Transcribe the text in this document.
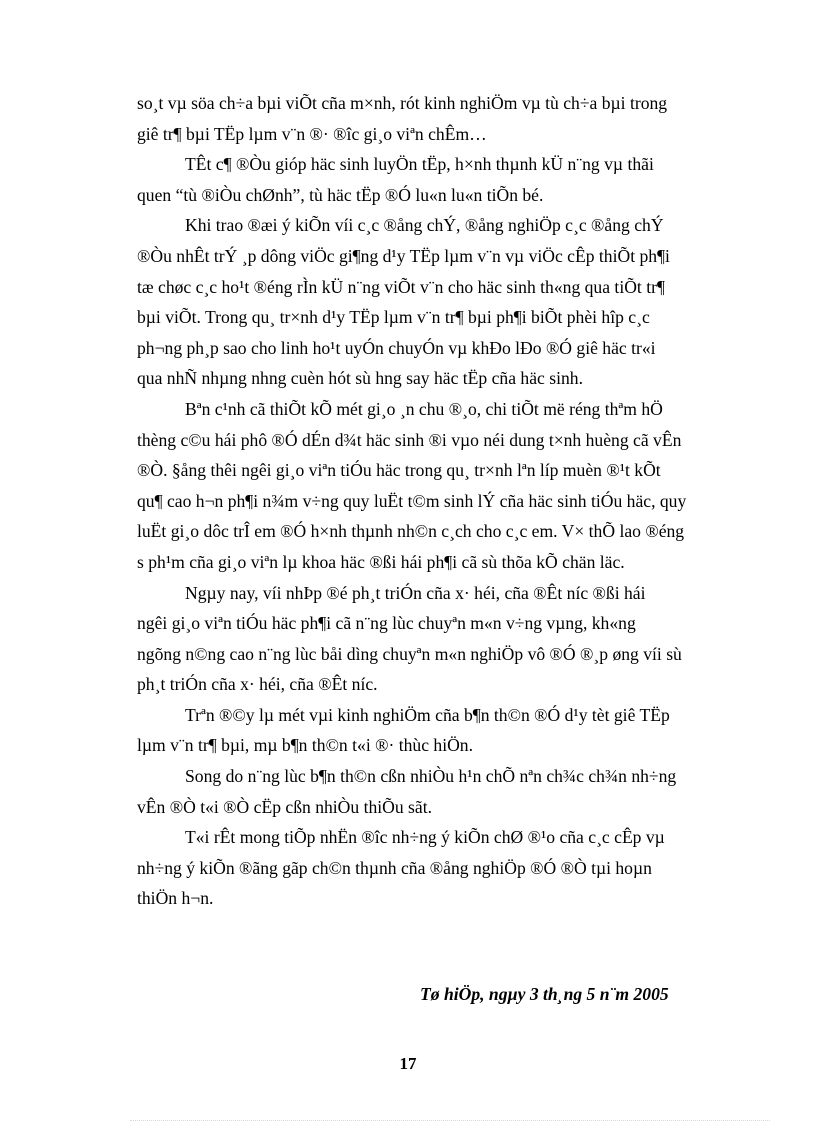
so¸t vµ söa ch÷a bµi viÕt cña m×nh, rót kinh nghiÖm vµ tù ch÷a bµi trong
giê tr¶ bµi TËp lµm v¨n ®· ®îc gi¸o viªn chÊm…

TÊt c¶ ®Òu gióp häc sinh luyÖn tËp, h×nh thµnh kÜ n¨ng vµ thãi
quen “tù ®iÒu chØnh”, tù häc tËp ®Ó lu«n lu«n tiÕn bé.

Khi trao ®æi ý kiÕn víi c¸c ®ång chÝ, ®ång nghiÖp c¸c ®ång chÝ
®Òu nhÊt trÝ ¸p dông viÖc gi¶ng d¹y TËp lµm v¨n vµ viÖc cÊp thiÕt ph¶i
tæ chøc c¸c ho¹t ®éng rÌn kÜ n¨ng viÕt v¨n cho häc sinh th«ng qua tiÕt tr¶
bµi viÕt. Trong qu¸ tr×nh d¹y TËp lµm v¨n tr¶ bµi ph¶i biÕt phèi hîp c¸c
ph¬ng ph¸p sao cho linh ho¹t uyÓn chuyÓn vµ khÐo lÐo ®Ó giê häc tr«i
qua nhÑ nhµng nhng cuèn hót sù hng say häc tËp cña häc sinh.

Bªn c¹nh cã thiÕt kÕ mét gi¸o ¸n chu ®¸o, chi tiÕt më réng thªm hÖ
thèng c©u hái phô ®Ó dÉn d¾t häc sinh ®i vµo néi dung t×nh huèng cã vÊn
®Ò. §ång thêi ngêi gi¸o viªn tiÓu häc trong qu¸ tr×nh lªn líp muèn ®¹t kÕt
qu¶ cao h¬n ph¶i n¾m v÷ng quy luËt t©m sinh lÝ cña häc sinh tiÓu häc, quy
luËt gi¸o dôc trÎ em ®Ó h×nh thµnh nh©n c¸ch cho c¸c em. V× thÕ lao ®éng
s ph¹m cña gi¸o viªn lµ khoa häc ®ßi hái ph¶i cã sù thõa kÕ chän läc.

Ngµy nay, víi nhÞp ®é ph¸t triÓn cña x· héi, cña ®Êt níc ®ßi hái
ngêi gi¸o viªn tiÓu häc ph¶i cã n¨ng lùc chuyªn m«n v÷ng vµng, kh«ng
ngõng n©ng cao n¨ng lùc båi dìng chuyªn m«n nghiÖp vô ®Ó ®¸p øng víi sù
ph¸t triÓn cña x· héi, cña ®Êt níc.

Trªn ®©y lµ mét vµi kinh nghiÖm cña b¶n th©n ®Ó d¹y tèt giê TËp
lµm v¨n tr¶ bµi, mµ b¶n th©n t«i ®· thùc hiÖn.

Song do n¨ng lùc b¶n th©n cßn nhiÒu h¹n chÕ nªn ch¾c ch¾n nh÷ng
vÊn ®Ò t«i ®Ò cËp cßn nhiÒu thiÕu sãt.

T«i rÊt mong tiÕp nhËn ®îc nh÷ng ý kiÕn chØ ®¹o cña c¸c cÊp vµ
nh÷ng ý kiÕn ®ãng gãp ch©n thµnh cña ®ång nghiÖp ®Ó ®Ò tµi hoµn
thiÖn h¬n.

Tø hiÖp, ngµy 3 th¸ng 5 n¨m 2005
17
